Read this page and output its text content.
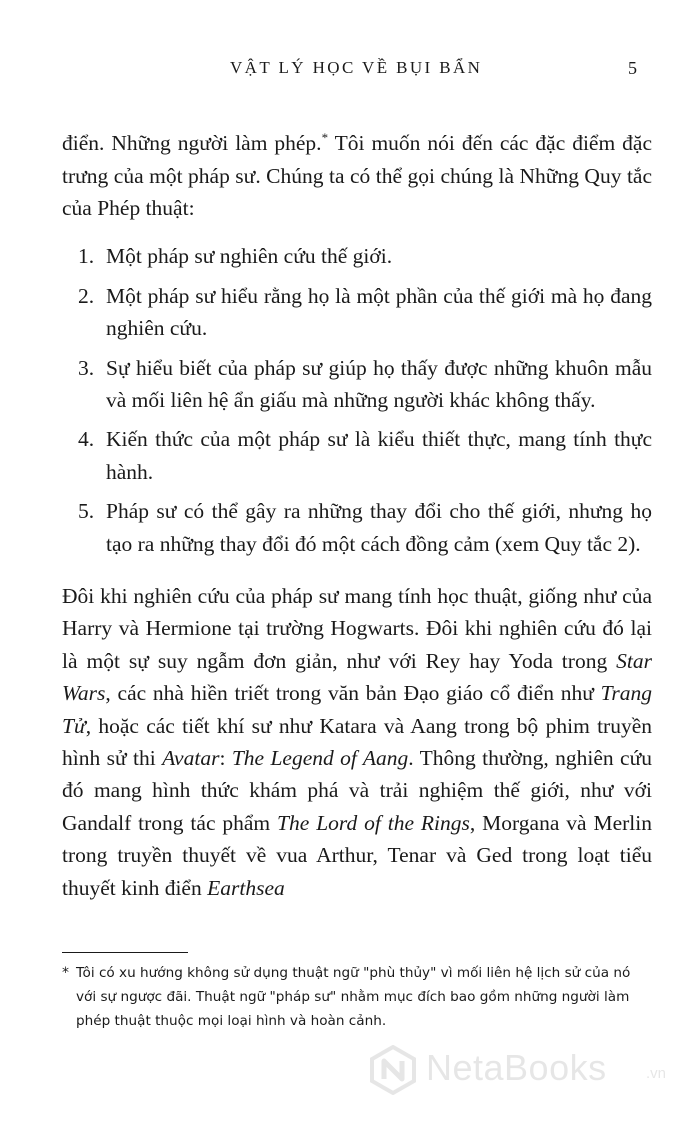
VẬT LÝ HỌC VỀ BỤI BẨN	5

điển. Những người làm phép.* Tôi muốn nói đến các đặc điểm đặc trưng của một pháp sư. Chúng ta có thể gọi chúng là Những Quy tắc của Phép thuật:

1. Một pháp sư nghiên cứu thế giới.
2. Một pháp sư hiểu rằng họ là một phần của thế giới mà họ đang nghiên cứu.
3. Sự hiểu biết của pháp sư giúp họ thấy được những khuôn mẫu và mối liên hệ ẩn giấu mà những người khác không thấy.
4. Kiến thức của một pháp sư là kiểu thiết thực, mang tính thực hành.
5. Pháp sư có thể gây ra những thay đổi cho thế giới, nhưng họ tạo ra những thay đổi đó một cách đồng cảm (xem Quy tắc 2).

Đôi khi nghiên cứu của pháp sư mang tính học thuật, giống như của Harry và Hermione tại trường Hogwarts. Đôi khi nghiên cứu đó lại là một sự suy ngẫm đơn giản, như với Rey hay Yoda trong Star Wars, các nhà hiền triết trong văn bản Đạo giáo cổ điển như Trang Tử, hoặc các tiết khí sư như Katara và Aang trong bộ phim truyền hình sử thi Avatar: The Legend of Aang. Thông thường, nghiên cứu đó mang hình thức khám phá và trải nghiệm thế giới, như với Gandalf trong tác phẩm The Lord of the Rings, Morgana và Merlin trong truyền thuyết về vua Arthur, Tenar và Ged trong loạt tiểu thuyết kinh điển Earthsea

* Tôi có xu hướng không sử dụng thuật ngữ "phù thủy" vì mối liên hệ lịch sử của nó với sự ngược đãi. Thuật ngữ "pháp sư" nhằm mục đích bao gồm những người làm phép thuật thuộc mọi loại hình và hoàn cảnh.
NetaBooks	.vn
